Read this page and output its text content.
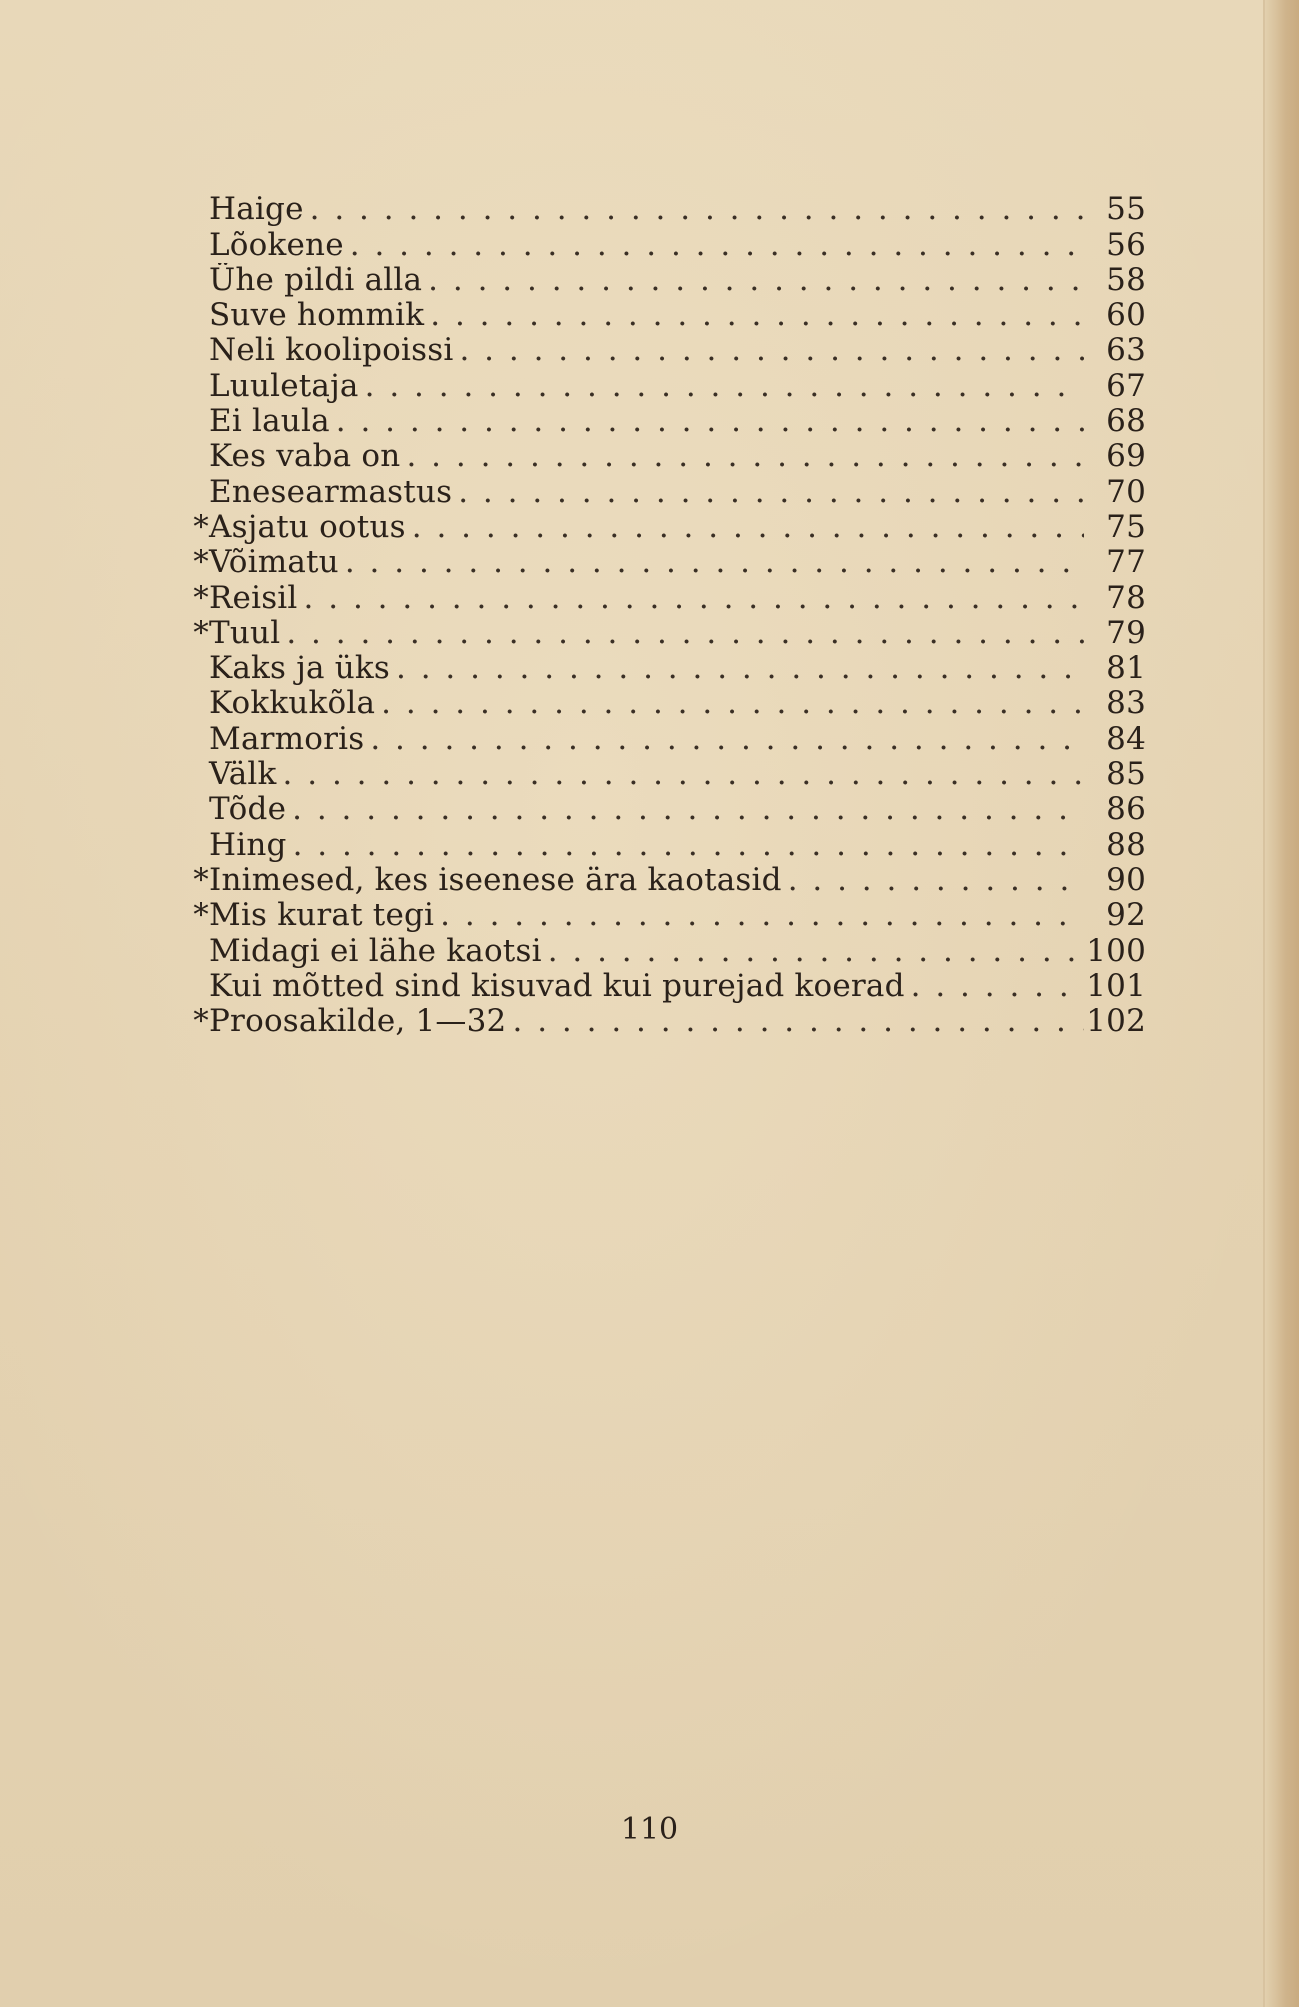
Haige . . .	55
Lõokene . . .	56
Ühe pildi alla . . .	58
Suve hommik . . .	60
Neli koolipoissi . . .	63
Luuletaja . . .	67
Ei laula . . .	68
Kes vaba on . . .	69
Enesearmastus . . .	70
* Asjatu ootus . . .	75
* Võimatu . . .	77
* Reisil . . .	78
* Tuul . . .	79
Kaks ja üks . . .	81
Kokkukõla . . .	83
Marmoris . . .	84
Välk . . .	85
Tõde . . .	86
Hing . . .	88
* Inimesed, kes iseenese ära kaotasid . . .	90
* Mis kurat tegi . . .	92
Midagi ei lähe kaotsi . . .	100
Kui mõtted sind kisuvad kui purejad koerad . . .	101
* Proosakilde, 1—32 . . .	102
110
